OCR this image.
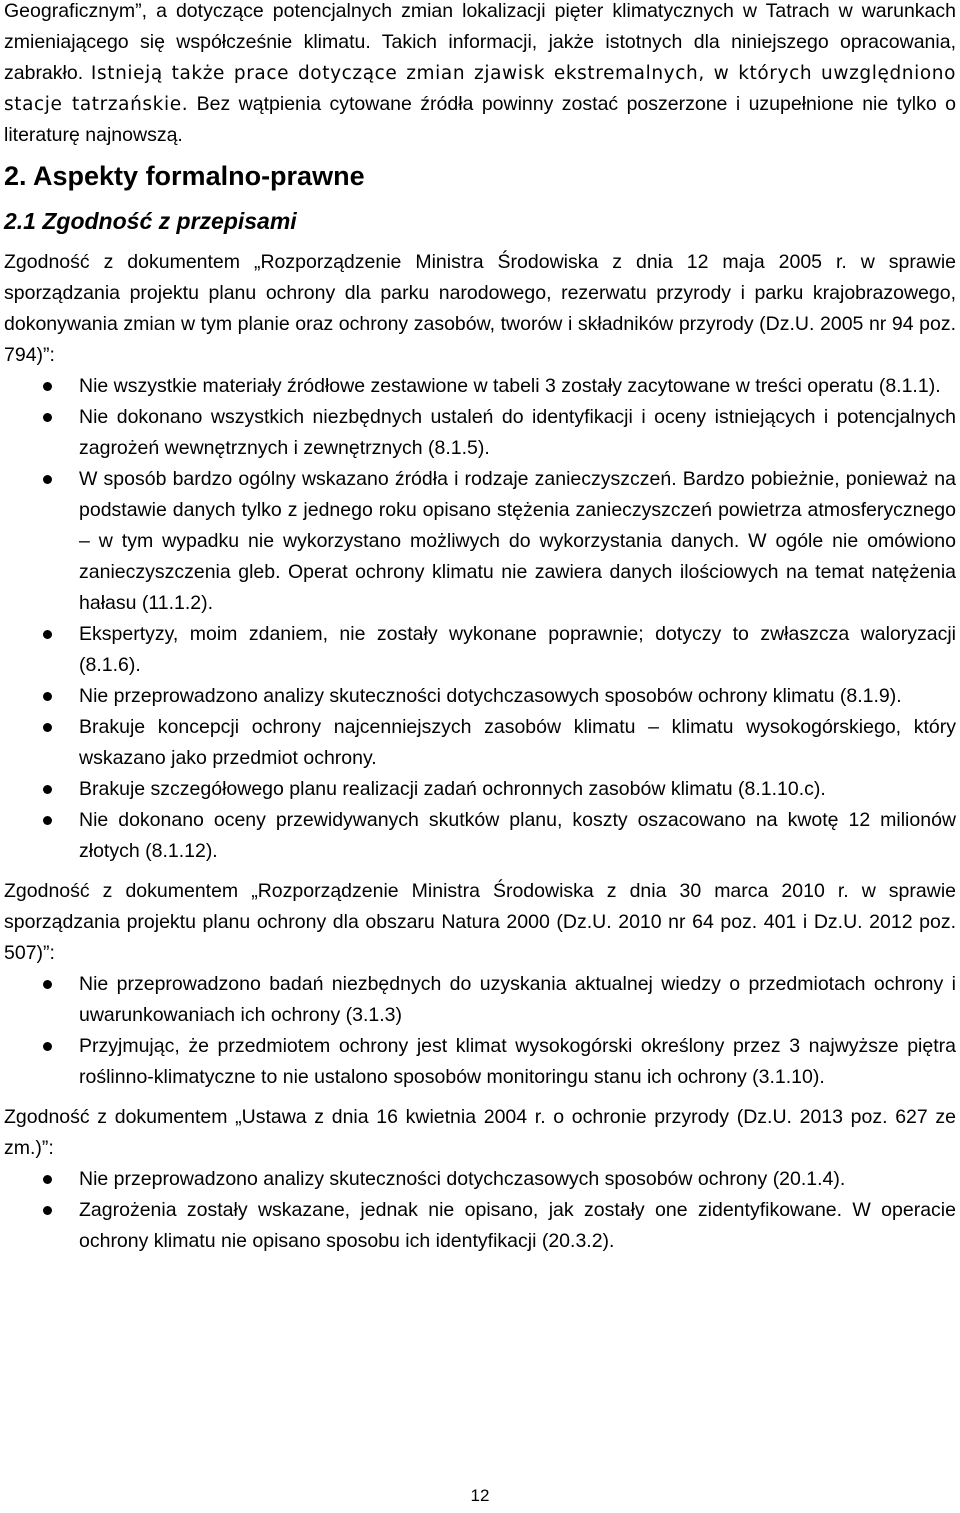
Geograficznym”, a dotyczące potencjalnych zmian lokalizacji pięter klimatycznych w Tatrach w warunkach zmieniającego się współcześnie klimatu. Takich informacji, jakże istotnych dla niniejszego opracowania, zabrakło. Istnieją także prace dotyczące zmian zjawisk ekstremalnych, w których uwzględniono stacje tatrzańskie. Bez wątpienia cytowane źródła powinny zostać poszerzone i uzupełnione nie tylko o literaturę najnowszą.

2. Aspekty formalno-prawne
2.1 Zgodność z przepisami

Zgodność z dokumentem „Rozporządzenie Ministra Środowiska z dnia 12 maja 2005 r. w sprawie sporządzania projektu planu ochrony dla parku narodowego, rezerwatu przyrody i parku krajobrazowego, dokonywania zmian w tym planie oraz ochrony zasobów, tworów i składników przyrody (Dz.U. 2005 nr 94 poz. 794)”:

Nie wszystkie materiały źródłowe zestawione w tabeli 3 zostały zacytowane w treści operatu (8.1.1).
Nie dokonano wszystkich niezbędnych ustaleń do identyfikacji i oceny istniejących i potencjalnych zagrożeń wewnętrznych i zewnętrznych (8.1.5).
W sposób bardzo ogólny wskazano źródła i rodzaje zanieczyszczeń. Bardzo pobieżnie, ponieważ na podstawie danych tylko z jednego roku opisano stężenia zanieczyszczeń powietrza atmosferycznego – w tym wypadku nie wykorzystano możliwych do wykorzystania danych. W ogóle nie omówiono zanieczyszczenia gleb. Operat ochrony klimatu nie zawiera danych ilościowych na temat natężenia hałasu (11.1.2).
Ekspertyzy, moim zdaniem, nie zostały wykonane poprawnie; dotyczy to zwłaszcza waloryzacji (8.1.6).
Nie przeprowadzono analizy skuteczności dotychczasowych sposobów ochrony klimatu (8.1.9).
Brakuje koncepcji ochrony najcenniejszych zasobów klimatu – klimatu wysokogórskiego, który wskazano jako przedmiot ochrony.
Brakuje szczegółowego planu realizacji zadań ochronnych zasobów klimatu (8.1.10.c).
Nie dokonano oceny przewidywanych skutków planu, koszty oszacowano na kwotę 12 milionów złotych (8.1.12).

Zgodność z dokumentem „Rozporządzenie Ministra Środowiska z dnia 30 marca 2010 r. w sprawie sporządzania projektu planu ochrony dla obszaru Natura 2000 (Dz.U. 2010 nr 64 poz. 401 i Dz.U. 2012 poz. 507)”:

Nie przeprowadzono badań niezbędnych do uzyskania aktualnej wiedzy o przedmiotach ochrony i uwarunkowaniach ich ochrony (3.1.3)
Przyjmując, że przedmiotem ochrony jest klimat wysokogórski określony przez 3 najwyższe piętra roślinno-klimatyczne to nie ustalono sposobów monitoringu stanu ich ochrony (3.1.10).

Zgodność z dokumentem „Ustawa z dnia 16 kwietnia 2004 r. o ochronie przyrody (Dz.U. 2013 poz. 627 ze zm.)”:

Nie przeprowadzono analizy skuteczności dotychczasowych sposobów ochrony (20.1.4).
Zagrożenia zostały wskazane, jednak nie opisano, jak zostały one zidentyfikowane. W operacie ochrony klimatu nie opisano sposobu ich identyfikacji (20.3.2).
12
